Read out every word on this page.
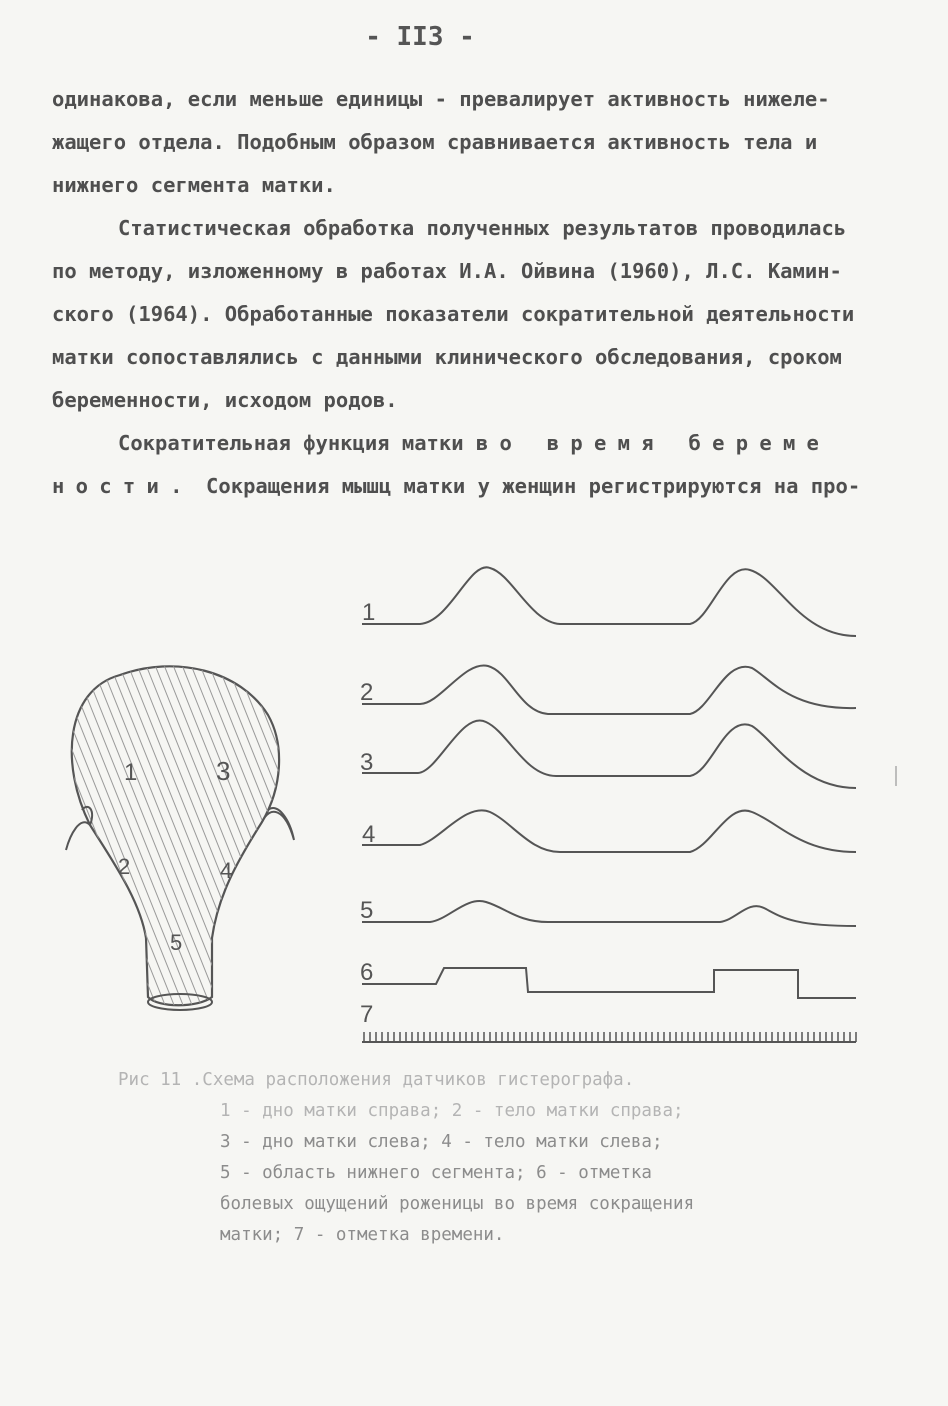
- II3 -

одинакова, если меньше единицы - превалирует активность нижеле-

жащего отдела. Подобным образом сравнивается активность тела и

нижнего сегмента матки.

Статистическая обработка полученных результатов проводилась

по методу, изложенному в работах И.А. Ойвина (1960), Л.С. Камин-

ского (1964). Обработанные показатели сократительной деятельности

матки сопоставлялись с данными клинического обследования, сроком

беременности, исходом родов.

Сократительная функция матки во время береме

ности. Сокращения мышц матки у женщин регистрируются на про-

1	3
2	4
5
1
2
3
4
5
6
7

Рис 11 .Схема расположения датчиков гистерографа.

1 - дно матки справа; 2 - тело матки справа;

3 - дно матки слева; 4 - тело матки слева;

5 - область нижнего сегмента; 6 - отметка

болевых ощущений роженицы во время сокращения

матки; 7 - отметка времени.
